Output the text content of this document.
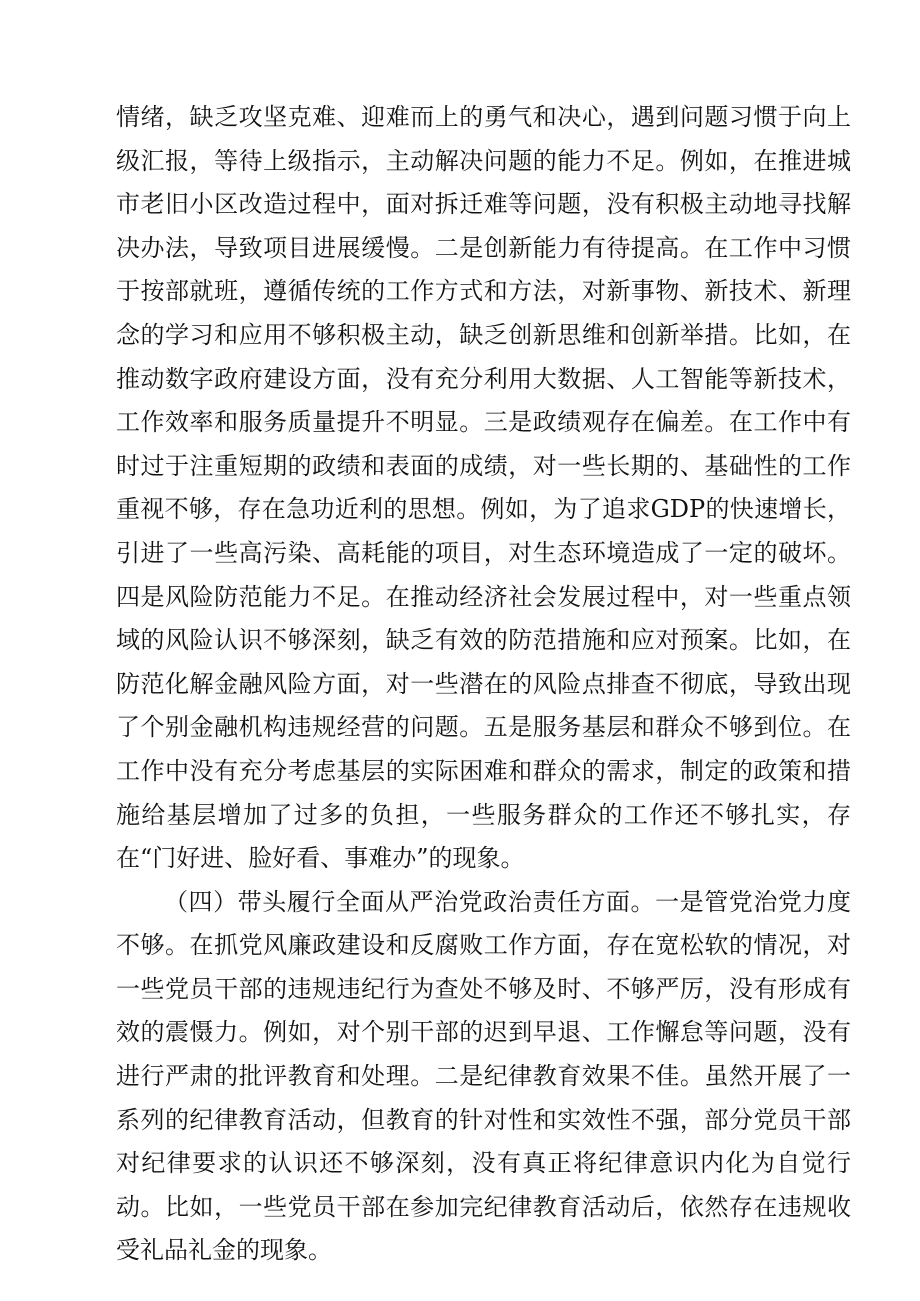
情绪，缺乏攻坚克难、迎难而上的勇气和决心，遇到问题习惯于向上级汇报，等待上级指示，主动解决问题的能力不足。例如，在推进城市老旧小区改造过程中，面对拆迁难等问题，没有积极主动地寻找解决办法，导致项目进展缓慢。二是创新能力有待提高。在工作中习惯于按部就班，遵循传统的工作方式和方法，对新事物、新技术、新理念的学习和应用不够积极主动，缺乏创新思维和创新举措。比如，在推动数字政府建设方面，没有充分利用大数据、人工智能等新技术，工作效率和服务质量提升不明显。三是政绩观存在偏差。在工作中有时过于注重短期的政绩和表面的成绩，对一些长期的、基础性的工作重视不够，存在急功近利的思想。例如，为了追求GDP的快速增长，引进了一些高污染、高耗能的项目，对生态环境造成了一定的破坏。四是风险防范能力不足。在推动经济社会发展过程中，对一些重点领域的风险认识不够深刻，缺乏有效的防范措施和应对预案。比如，在防范化解金融风险方面，对一些潜在的风险点排查不彻底，导致出现了个别金融机构违规经营的问题。五是服务基层和群众不够到位。在工作中没有充分考虑基层的实际困难和群众的需求，制定的政策和措施给基层增加了过多的负担，一些服务群众的工作还不够扎实，存在“门好进、脸好看、事难办”的现象。

（四）带头履行全面从严治党政治责任方面。一是管党治党力度不够。在抓党风廉政建设和反腐败工作方面，存在宽松软的情况，对一些党员干部的违规违纪行为查处不够及时、不够严厉，没有形成有效的震慑力。例如，对个别干部的迟到早退、工作懈怠等问题，没有进行严肃的批评教育和处理。二是纪律教育效果不佳。虽然开展了一系列的纪律教育活动，但教育的针对性和实效性不强，部分党员干部对纪律要求的认识还不够深刻，没有真正将纪律意识内化为自觉行动。比如，一些党员干部在参加完纪律教育活动后，依然存在违规收受礼品礼金的现象。
